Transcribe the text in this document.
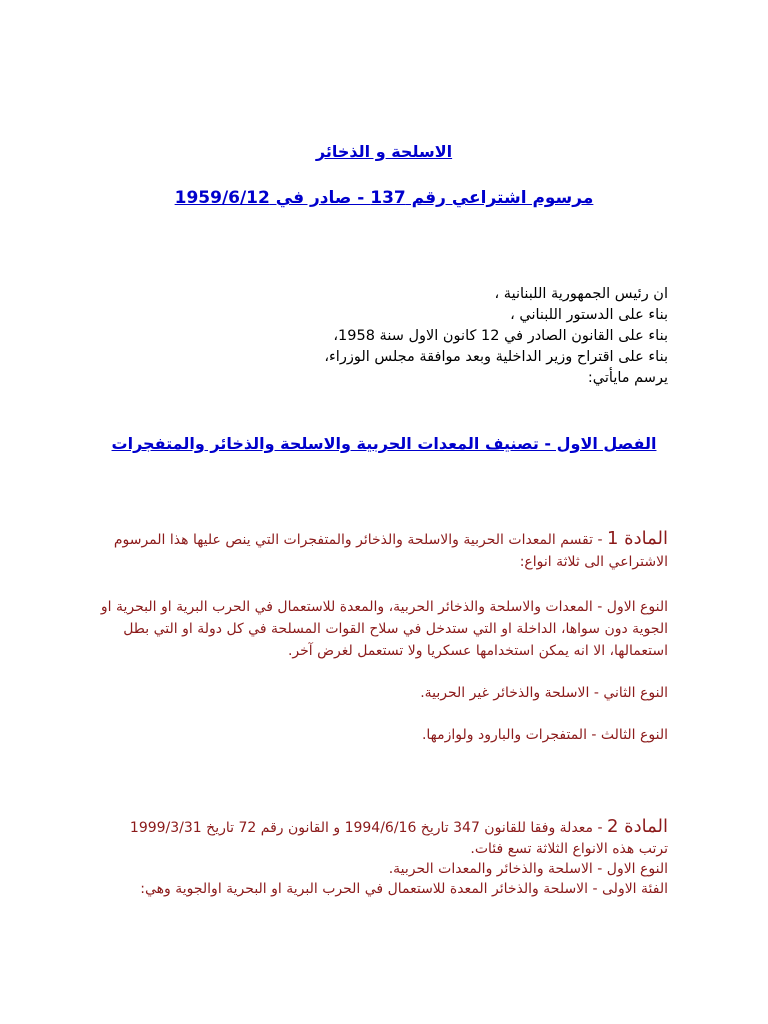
الاسلحة و الذخائر
مرسوم اشتراعي رقم 137 - صادر في 1959/6/12
ان رئيس الجمهورية اللبنانية ،
بناء على الدستور اللبناني ،
بناء على القانون الصادر في 12 كانون الاول سنة 1958،
بناء على اقتراح وزير الداخلية وبعد موافقة مجلس الوزراء،
يرسم مايأتي:
الفصل الاول - تصنيف المعدات الحربية والاسلحة والذخائر والمتفجرات

المادة 1 - تقسم المعدات الحربية والاسلحة والذخائر والمتفجرات التي ينص عليها هذا المرسوم الاشتراعي الى ثلاثة انواع:

النوع الاول - المعدات والاسلحة والذخائر الحربية، والمعدة للاستعمال في الحرب البرية او البحرية او الجوية دون سواها، الداخلة او التي ستدخل في سلاح القوات المسلحة في كل دولة او التي بطل استعمالها، الا انه يمكن استخدامها عسكريا ولا تستعمل لغرض آخر.

النوع الثاني - الاسلحة والذخائر غير الحربية.

النوع الثالث - المتفجرات والبارود ولوازمها.

المادة 2 - معدلة وفقا للقانون 347 تاريخ 1994/6/16 و القانون رقم 72 تاريخ 1999/3/31
ترتب هذه الانواع الثلاثة تسع فئات.
النوع الاول - الاسلحة والذخائر والمعدات الحربية.
الفئة الاولى - الاسلحة والذخائر المعدة للاستعمال في الحرب البرية او البحرية اوالجوية وهي:
